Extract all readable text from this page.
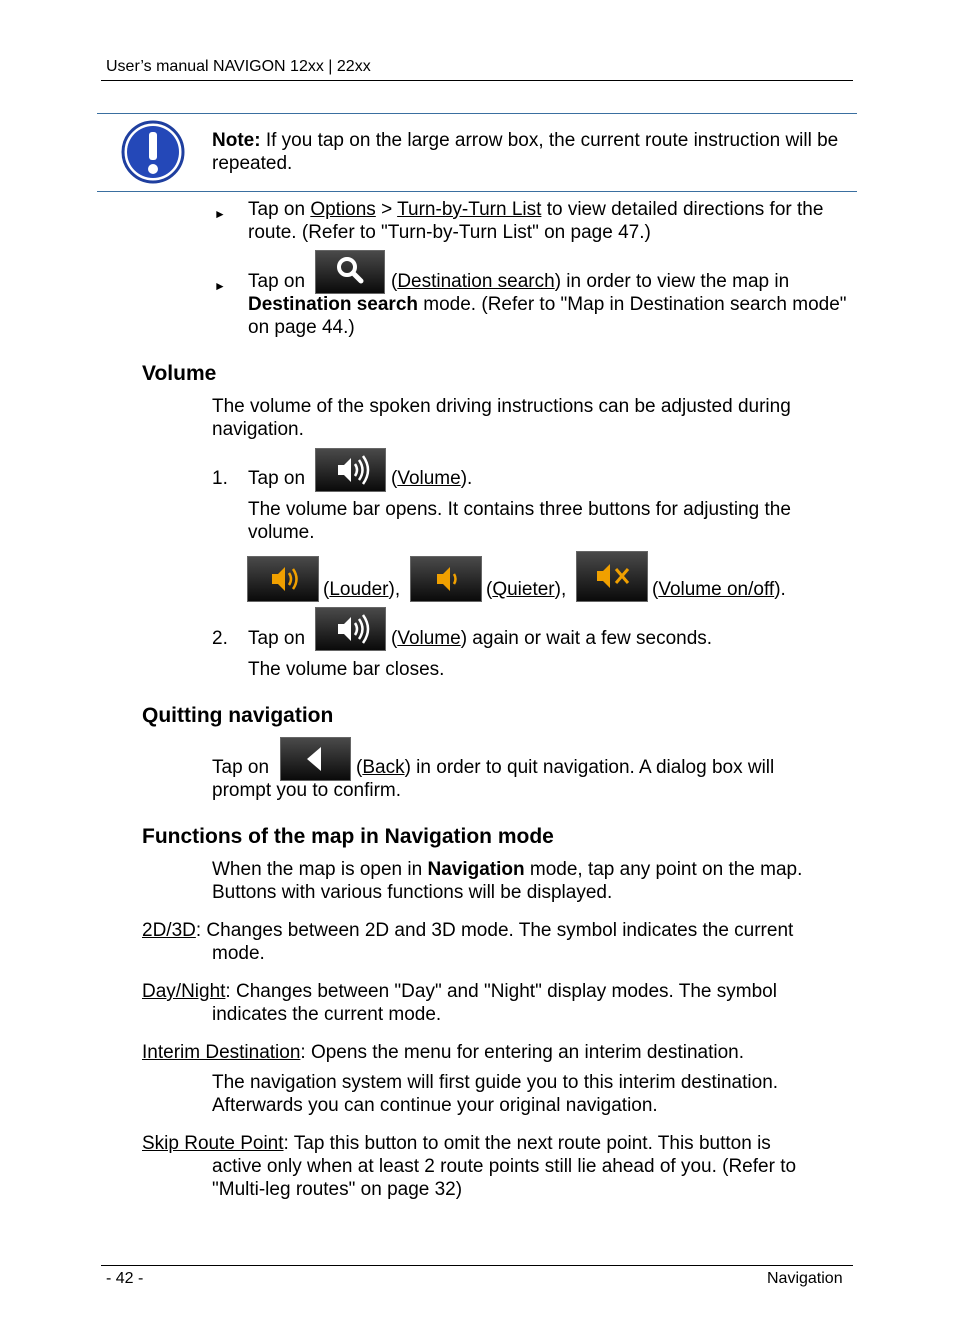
User’s manual NAVIGON 12xx | 22xx
Note: If you tap on the large arrow box, the current route instruction will be repeated.
► Tap on Options > Turn-by-Turn List to view detailed directions for the route. (Refer to "Turn-by-Turn List" on page 47.)
► Tap on	(Destination search) in order to view the map in
Destination search mode. (Refer to "Map in Destination search mode" on page 44.)
Volume
The volume of the spoken driving instructions can be adjusted during navigation.
1. Tap on	(Volume).
The volume bar opens. It contains three buttons for adjusting the volume.
(Louder),	(Quieter),	(Volume on/off).
2. Tap on	(Volume) again or wait a few seconds.
The volume bar closes.
Quitting navigation
Tap on	(Back) in order to quit navigation. A dialog box will
prompt you to confirm.
Functions of the map in Navigation mode
When the map is open in Navigation mode, tap any point on the map. Buttons with various functions will be displayed.
2D/3D: Changes between 2D and 3D mode. The symbol indicates the current
mode.
Day/Night: Changes between "Day" and "Night" display modes. The symbol
indicates the current mode.
Interim Destination: Opens the menu for entering an interim destination.
The navigation system will first guide you to this interim destination.
Afterwards you can continue your original navigation.
Skip Route Point: Tap this button to omit the next route point. This button is
active only when at least 2 route points still lie ahead of you. (Refer to
"Multi-leg routes" on page 32)
- 42 -	Navigation
